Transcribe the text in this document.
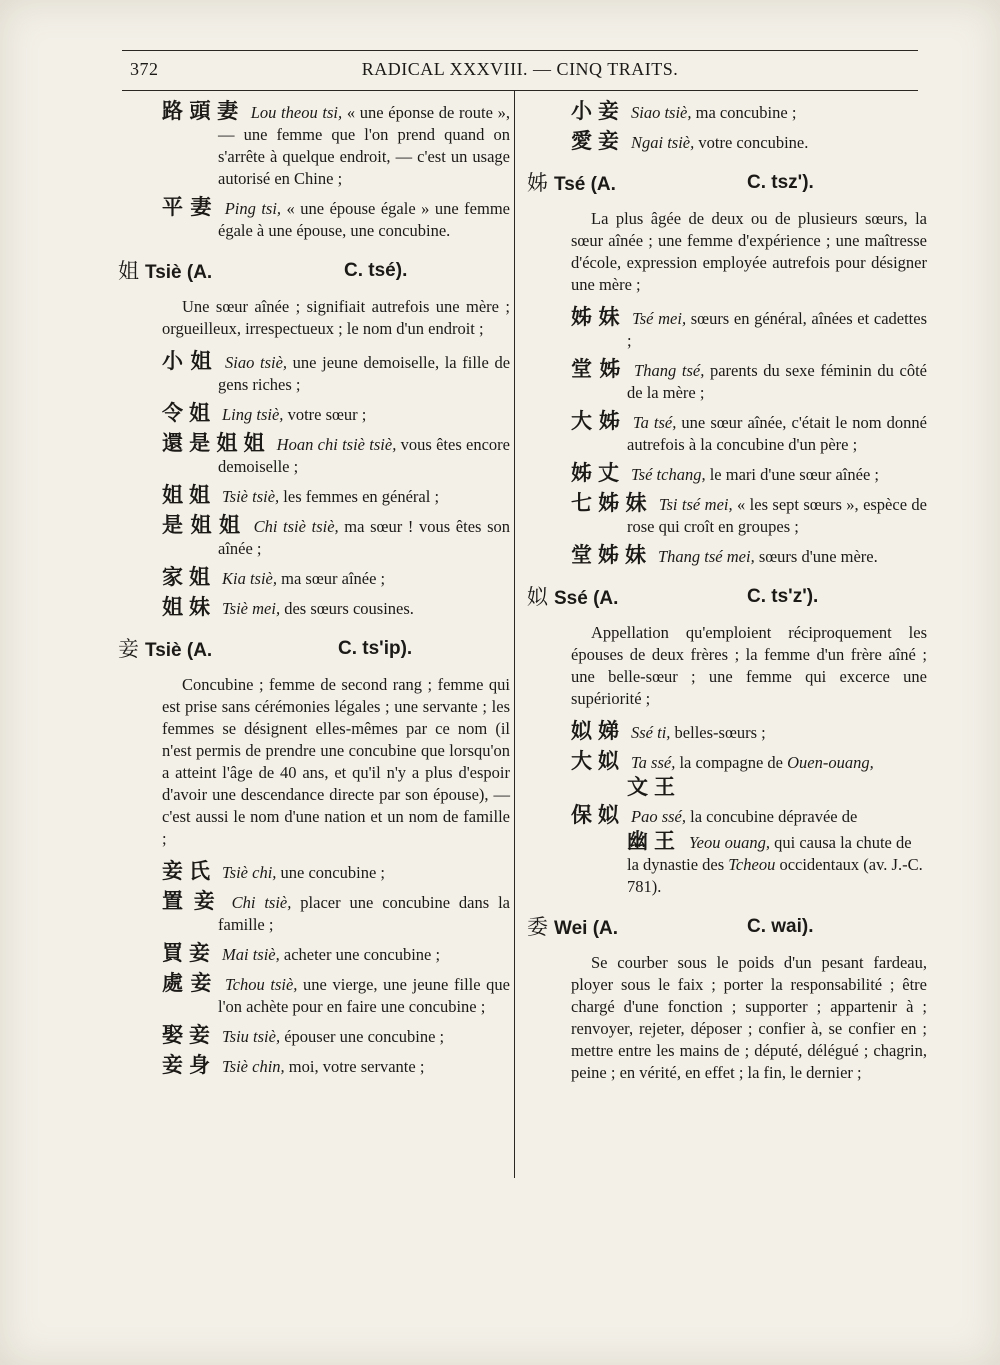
372	RADICAL XXXVIII. — CINQ TRAITS.
路頭妻 Lou theou tsi, « une éponse de route », — une femme que l'on prend quand on s'arrête à quelque endroit, — c'est un usage autorisé en Chine ;
平妻 Ping tsi, « une épouse égale » une femme égale à une épouse, une concubine.
姐 Tsiè (A.	C. tsé).
Une sœur aînée ; signifiait autrefois une mère ; orgueilleux, irrespectueux ; le nom d'un endroit ;
小姐 Siao tsiè, une jeune demoiselle, la fille de gens riches ;
令姐 Ling tsiè, votre sœur ;
還是姐姐 Hoan chi tsiè tsiè, vous êtes encore demoiselle ;
姐姐 Tsiè tsiè, les femmes en général ;
是姐姐 Chi tsiè tsiè, ma sœur ! vous êtes son aînée ;
家姐 Kia tsiè, ma sœur aînée ;
姐妹 Tsiè mei, des sœurs cousines.
妾 Tsiè (A.	C. ts'ip).
Concubine ; femme de second rang ; femme qui est prise sans cérémonies légales ; une servante ; les femmes se désignent elles-mêmes par ce nom (il n'est permis de prendre une concubine que lorsqu'on a atteint l'âge de 40 ans, et qu'il n'y a plus d'espoir d'avoir une descendance directe par son épouse), — c'est aussi le nom d'une nation et un nom de famille ;
妾氏 Tsiè chi, une concubine ;
置妾 Chi tsiè, placer une concubine dans la famille ;
買妾 Mai tsiè, acheter une concubine ;
處妾 Tchou tsiè, une vierge, une jeune fille que l'on achète pour en faire une concubine ;
娶妾 Tsiu tsiè, épouser une concubine ;
妾身 Tsiè chin, moi, votre servante ;
小妾 Siao tsiè, ma concubine ;
愛妾 Ngai tsiè, votre concubine.
姊 Tsé (A.	C. tsz').
La plus âgée de deux ou de plusieurs sœurs, la sœur aînée ; une femme d'expérience ; une maîtresse d'école, expression employée autrefois pour désigner une mère ;
姊妹 Tsé mei, sœurs en général, aînées et cadettes ;
堂姊 Thang tsé, parents du sexe féminin du côté de la mère ;
大姊 Ta tsé, une sœur aînée, c'était le nom donné autrefois à la concubine d'un père ;
姊丈 Tsé tchang, le mari d'une sœur aînée ;
七姊妹 Tsi tsé mei, « les sept sœurs », espèce de rose qui croît en groupes ;
堂姊妹 Thang tsé mei, sœurs d'une mère.
姒 Ssé (A.	C. ts'z').
Appellation qu'emploient réciproquement les épouses de deux frères ; la femme d'un frère aîné ; une belle-sœur ; une femme qui excerce une supériorité ;
姒娣 Ssé ti, belles-sœurs ;
大姒 Ta ssé, la compagne de Ouen-ouang,
文王
保姒 Pao ssé, la concubine dépravée de
幽王 Yeou ouang, qui causa la chute de la dynastie des Tcheou occidentaux (av. J.-C. 781).
委 Wei (A.	C. wai).
Se courber sous le poids d'un pesant fardeau, ployer sous le faix ; porter la responsabilité ; être chargé d'une fonction ; supporter ; appartenir à ; renvoyer, rejeter, déposer ; confier à, se confier en ; mettre entre les mains de ; député, délégué ; chagrin, peine ; en vérité, en effet ; la fin, le dernier ;
